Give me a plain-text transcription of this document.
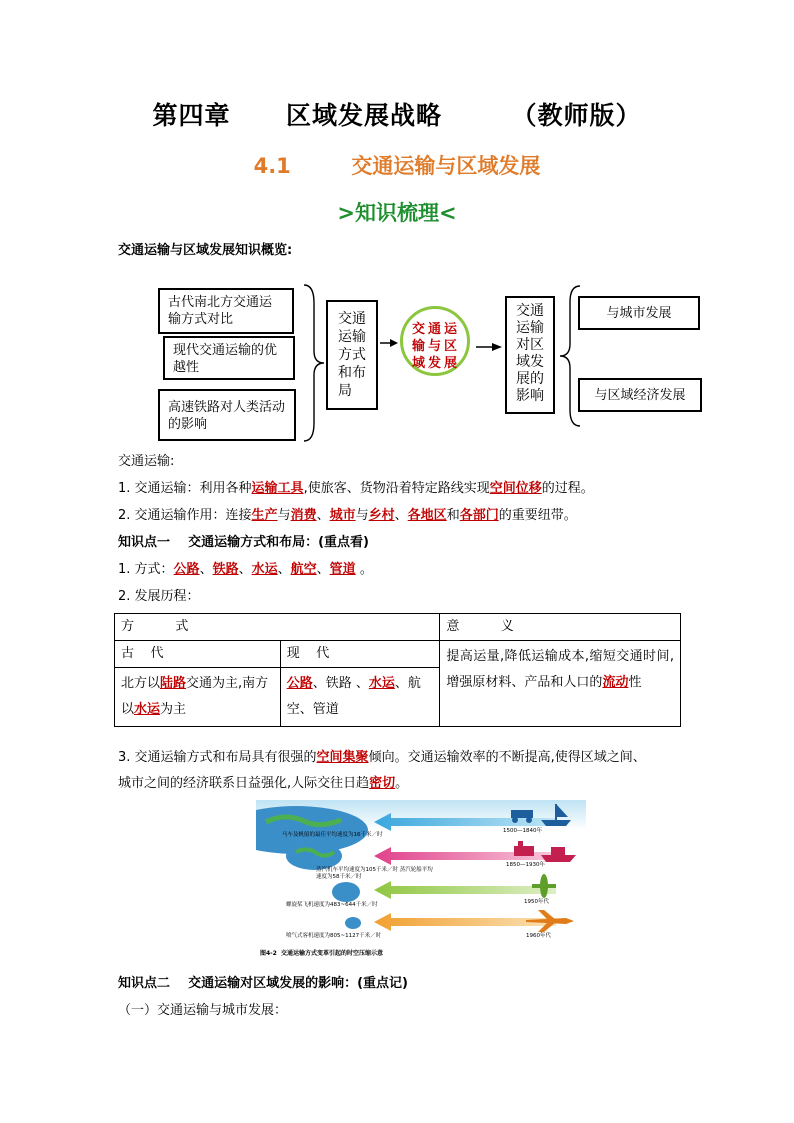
第四章 区域发展战略	（教师版）
4.1	交通运输与区域发展
>知识梳理<
交通运输与区域发展知识概览:
古代南北方交通运输方式对比
现代交通运输的优越性
高速铁路对人类活动的影响
交通运输方式和布局
交通运输与区域发展
交通运输对区域发展的影响
与城市发展
与区域经济发展
交通运输:
1. 交通运输：利用各种运输工具,使旅客、货物沿着特定路线实现空间位移的过程。
2. 交通运输作用：连接生产与消费、城市与乡村、各地区和各部门的重要纽带。
知识点一    交通运输方式和布局：(重点看)
1. 方式：公路、铁路、水运、航空、管道 。
2. 发展历程：
方          式		意          义
古    代	现    代	提高运量,降低运输成本,缩短交通时间,增强原材料、产品和人口的流动性
北方以陆路交通为主,南方以水运为主	公路、铁路 、水运、航空、管道	
3. 交通运输方式和布局具有很强的空间集聚倾向。交通运输效率的不断提高,使得区域之间、
城市之间的经济联系日益强化,人际交往日趋密切。
马车及帆船的最佳平均速度为16千米／时
1500—1840年
蒸汽机车平均速度为105千米／时 蒸汽轮船平均速度为58千米／时
1850—1930年
螺旋桨飞机速度为483~644千米／时	1950年代
喷气式客机速度为805~1127千米／时	1960年代
图4-2  交通运输方式变革引起的时空压缩示意
知识点二    交通运输对区域发展的影响：(重点记)
（一）交通运输与城市发展：
